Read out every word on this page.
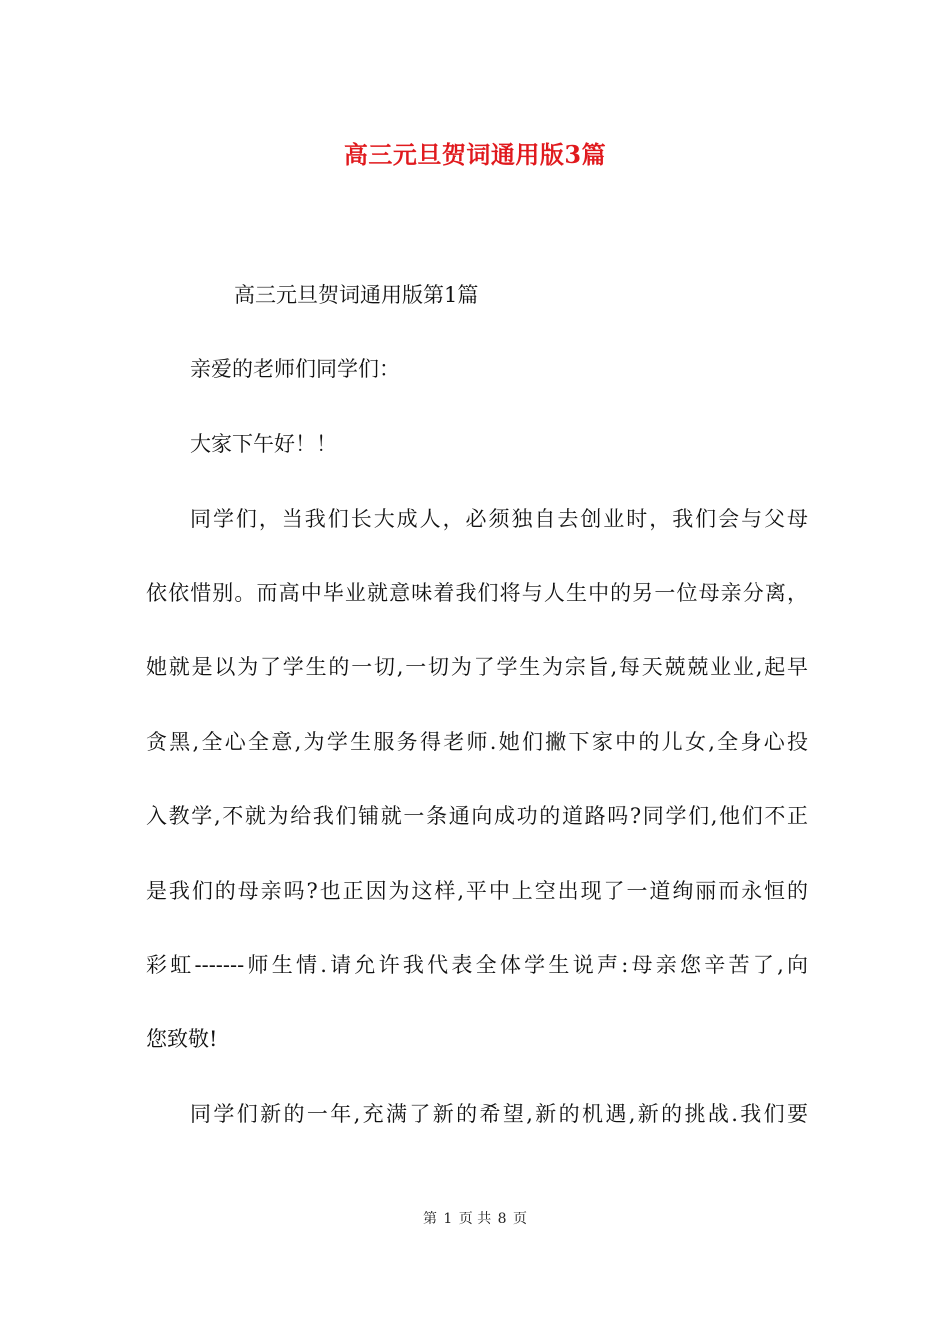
高三元旦贺词通用版3篇
高三元旦贺词通用版第1篇
亲爱的老师们同学们：
大家下午好！！
同学们，当我们长大成人，必须独自去创业时，我们会与父母
依依惜别。而高中毕业就意味着我们将与人生中的另一位母亲分离，
她就是以为了学生的一切,一切为了学生为宗旨,每天兢兢业业,起早
贪黑,全心全意,为学生服务得老师.她们撇下家中的儿女,全身心投
入教学,不就为给我们铺就一条通向成功的道路吗?同学们,他们不正
是我们的母亲吗?也正因为这样,平中上空出现了一道绚丽而永恒的
彩虹-------师生情.请允许我代表全体学生说声:母亲您辛苦了,向
您致敬!
同学们新的一年,充满了新的希望,新的机遇,新的挑战.我们要
第 1 页 共 8 页
